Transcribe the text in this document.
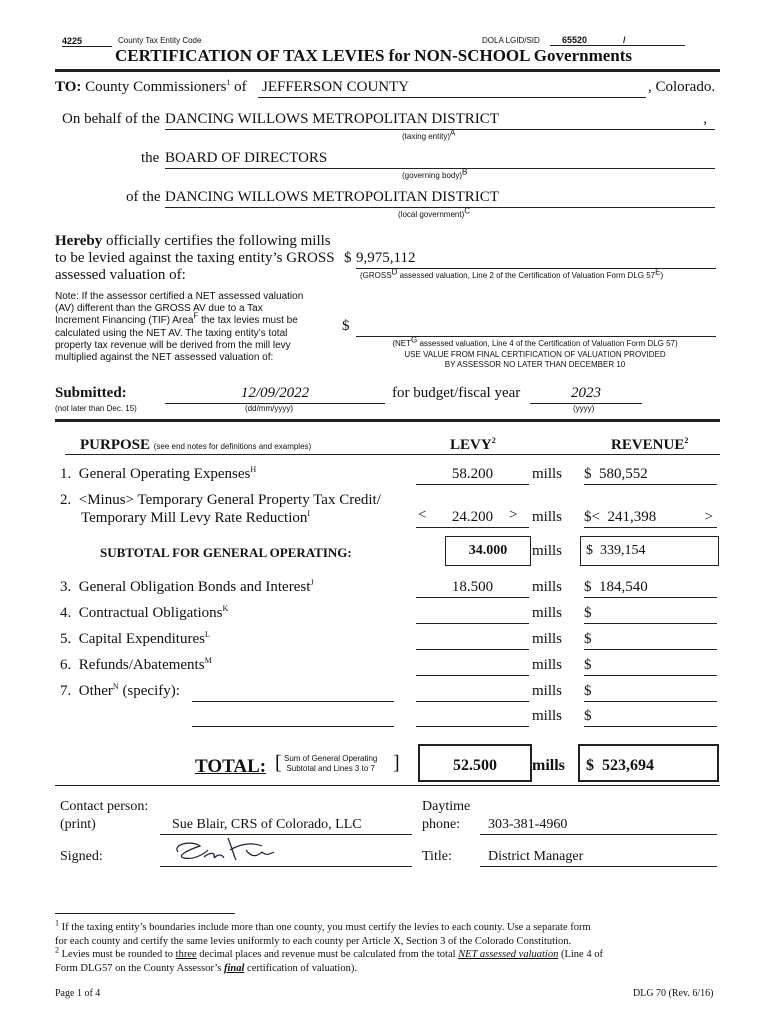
4225	County Tax Entity Code	DOLA LGID/SID	65520	/
CERTIFICATION OF TAX LEVIES for NON-SCHOOL Governments
TO: County Commissioners$^1$ of JEFFERSON COUNTY	, Colorado.
On behalf of the DANCING WILLOWS METROPOLITAN DISTRICT	,
(taxing entity)$^A$
the BOARD OF DIRECTORS
(governing body)$^B$
of the DANCING WILLOWS METROPOLITAN DISTRICT
(local government)$^C$
Hereby officially certifies the following mills
to be levied against the taxing entity’s GROSS
assessed valuation of:
$ 9,975,112
($GROSS^D$ assessed valuation, Line 2 of the Certification of Valuation Form DLG $57^E$)
Note: If the assessor certified a NET assessed valuation
(AV) different than the GROSS AV due to a Tax
Increment Financing (TIF) Area$^F$ the tax levies must be
calculated using the NET AV. The taxing entity’s total
property tax revenue will be derived from the mill levy
multiplied against the NET assessed valuation of:
$
($NET^G$ assessed valuation, Line 4 of the Certification of Valuation Form DLG 57)
USE VALUE FROM FINAL CERTIFICATION OF VALUATION PROVIDED
BY ASSESSOR NO LATER THAN DECEMBER 10
Submitted:
(not later than Dec. 15)
12/09/2022
(dd/mm/yyyy)
for budget/fiscal year	2023
(yyyy)
PURPOSE (see end notes for definitions and examples)	LEVY$^2$	REVENUE$^2$
1. General Operating Expenses$^H$	58.200	mills $ 580,552
2. <Minus> Temporary General Property Tax Credit/
Temporary Mill Levy Rate Reduction$^I$	<	24.200	> mills $< 241,398	>
SUBTOTAL FOR GENERAL OPERATING:	34.000	mills $ 339,154
3. General Obligation Bonds and Interest$^J$	18.500	mills $ 184,540
4. Contractual Obligations$^K$	mills $
5. Capital Expenditures$^L$	mills $
6. Refunds/Abatements$^M$	mills $
7. Other$^N$ (specify):	mills $
mills $
TOTAL: [ Sum of General Operating
Subtotal and Lines 3 to 7 ]	52.500	mills $ 523,694
Contact person:
(print)	Sue Blair, CRS of Colorado, LLC
Daytime
phone:	303-381-4960
Signed:	Title:	District Manager
$^1$ If the taxing entity’s boundaries include more than one county, you must certify the levies to each county. Use a separate form
for each county and certify the same levies uniformly to each county per Article X, Section 3 of the Colorado Constitution.
$^2$ Levies must be rounded to three decimal places and revenue must be calculated from the total NET assessed valuation (Line 4 of
Form DLG57 on the County Assessor’s final certification of valuation).
Page 1 of 4	DLG 70 (Rev. 6/16)
